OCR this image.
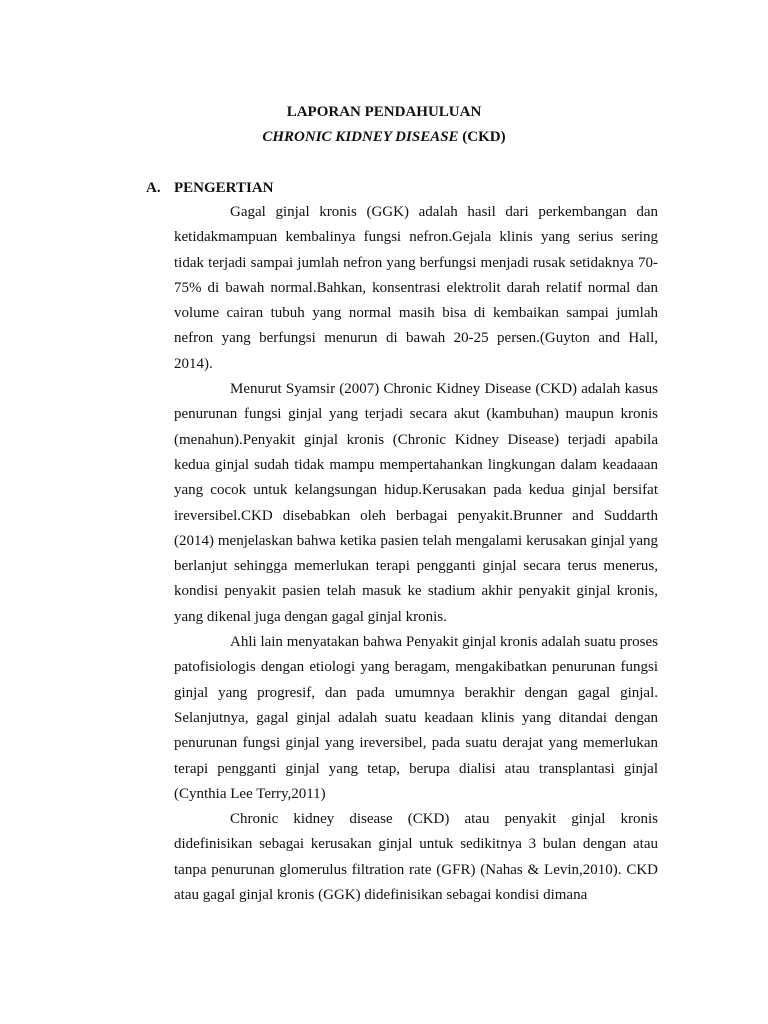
LAPORAN PENDAHULUAN
CHRONIC KIDNEY DISEASE (CKD)
A. PENGERTIAN

Gagal ginjal kronis (GGK) adalah hasil dari perkembangan dan ketidakmampuan kembalinya fungsi nefron.Gejala klinis yang serius sering tidak terjadi sampai jumlah nefron yang berfungsi menjadi rusak setidaknya 70-75% di bawah normal.Bahkan, konsentrasi elektrolit darah relatif normal dan volume cairan tubuh yang normal masih bisa di kembaikan sampai jumlah nefron yang berfungsi menurun di bawah 20-25 persen.(Guyton and Hall, 2014).

Menurut Syamsir (2007) Chronic Kidney Disease (CKD) adalah kasus penurunan fungsi ginjal yang terjadi secara akut (kambuhan) maupun kronis (menahun).Penyakit ginjal kronis (Chronic Kidney Disease) terjadi apabila kedua ginjal sudah tidak mampu mempertahankan lingkungan dalam keadaaan yang cocok untuk kelangsungan hidup.Kerusakan pada kedua ginjal bersifat ireversibel.CKD disebabkan oleh berbagai penyakit.Brunner and Suddarth (2014) menjelaskan bahwa ketika pasien telah mengalami kerusakan ginjal yang berlanjut sehingga memerlukan terapi pengganti ginjal secara terus menerus, kondisi penyakit pasien telah masuk ke stadium akhir penyakit ginjal kronis, yang dikenal juga dengan gagal ginjal kronis.

Ahli lain menyatakan bahwa Penyakit ginjal kronis adalah suatu proses patofisiologis dengan etiologi yang beragam, mengakibatkan penurunan fungsi ginjal yang progresif, dan pada umumnya berakhir dengan gagal ginjal. Selanjutnya, gagal ginjal adalah suatu keadaan klinis yang ditandai dengan penurunan fungsi ginjal yang ireversibel, pada suatu derajat yang memerlukan terapi pengganti ginjal yang tetap, berupa dialisi atau transplantasi ginjal (Cynthia Lee Terry,2011)

Chronic kidney disease (CKD) atau penyakit ginjal kronis didefinisikan sebagai kerusakan ginjal untuk sedikitnya 3 bulan dengan atau tanpa penurunan glomerulus filtration rate (GFR) (Nahas & Levin,2010). CKD atau gagal ginjal kronis (GGK) didefinisikan sebagai kondisi dimana
